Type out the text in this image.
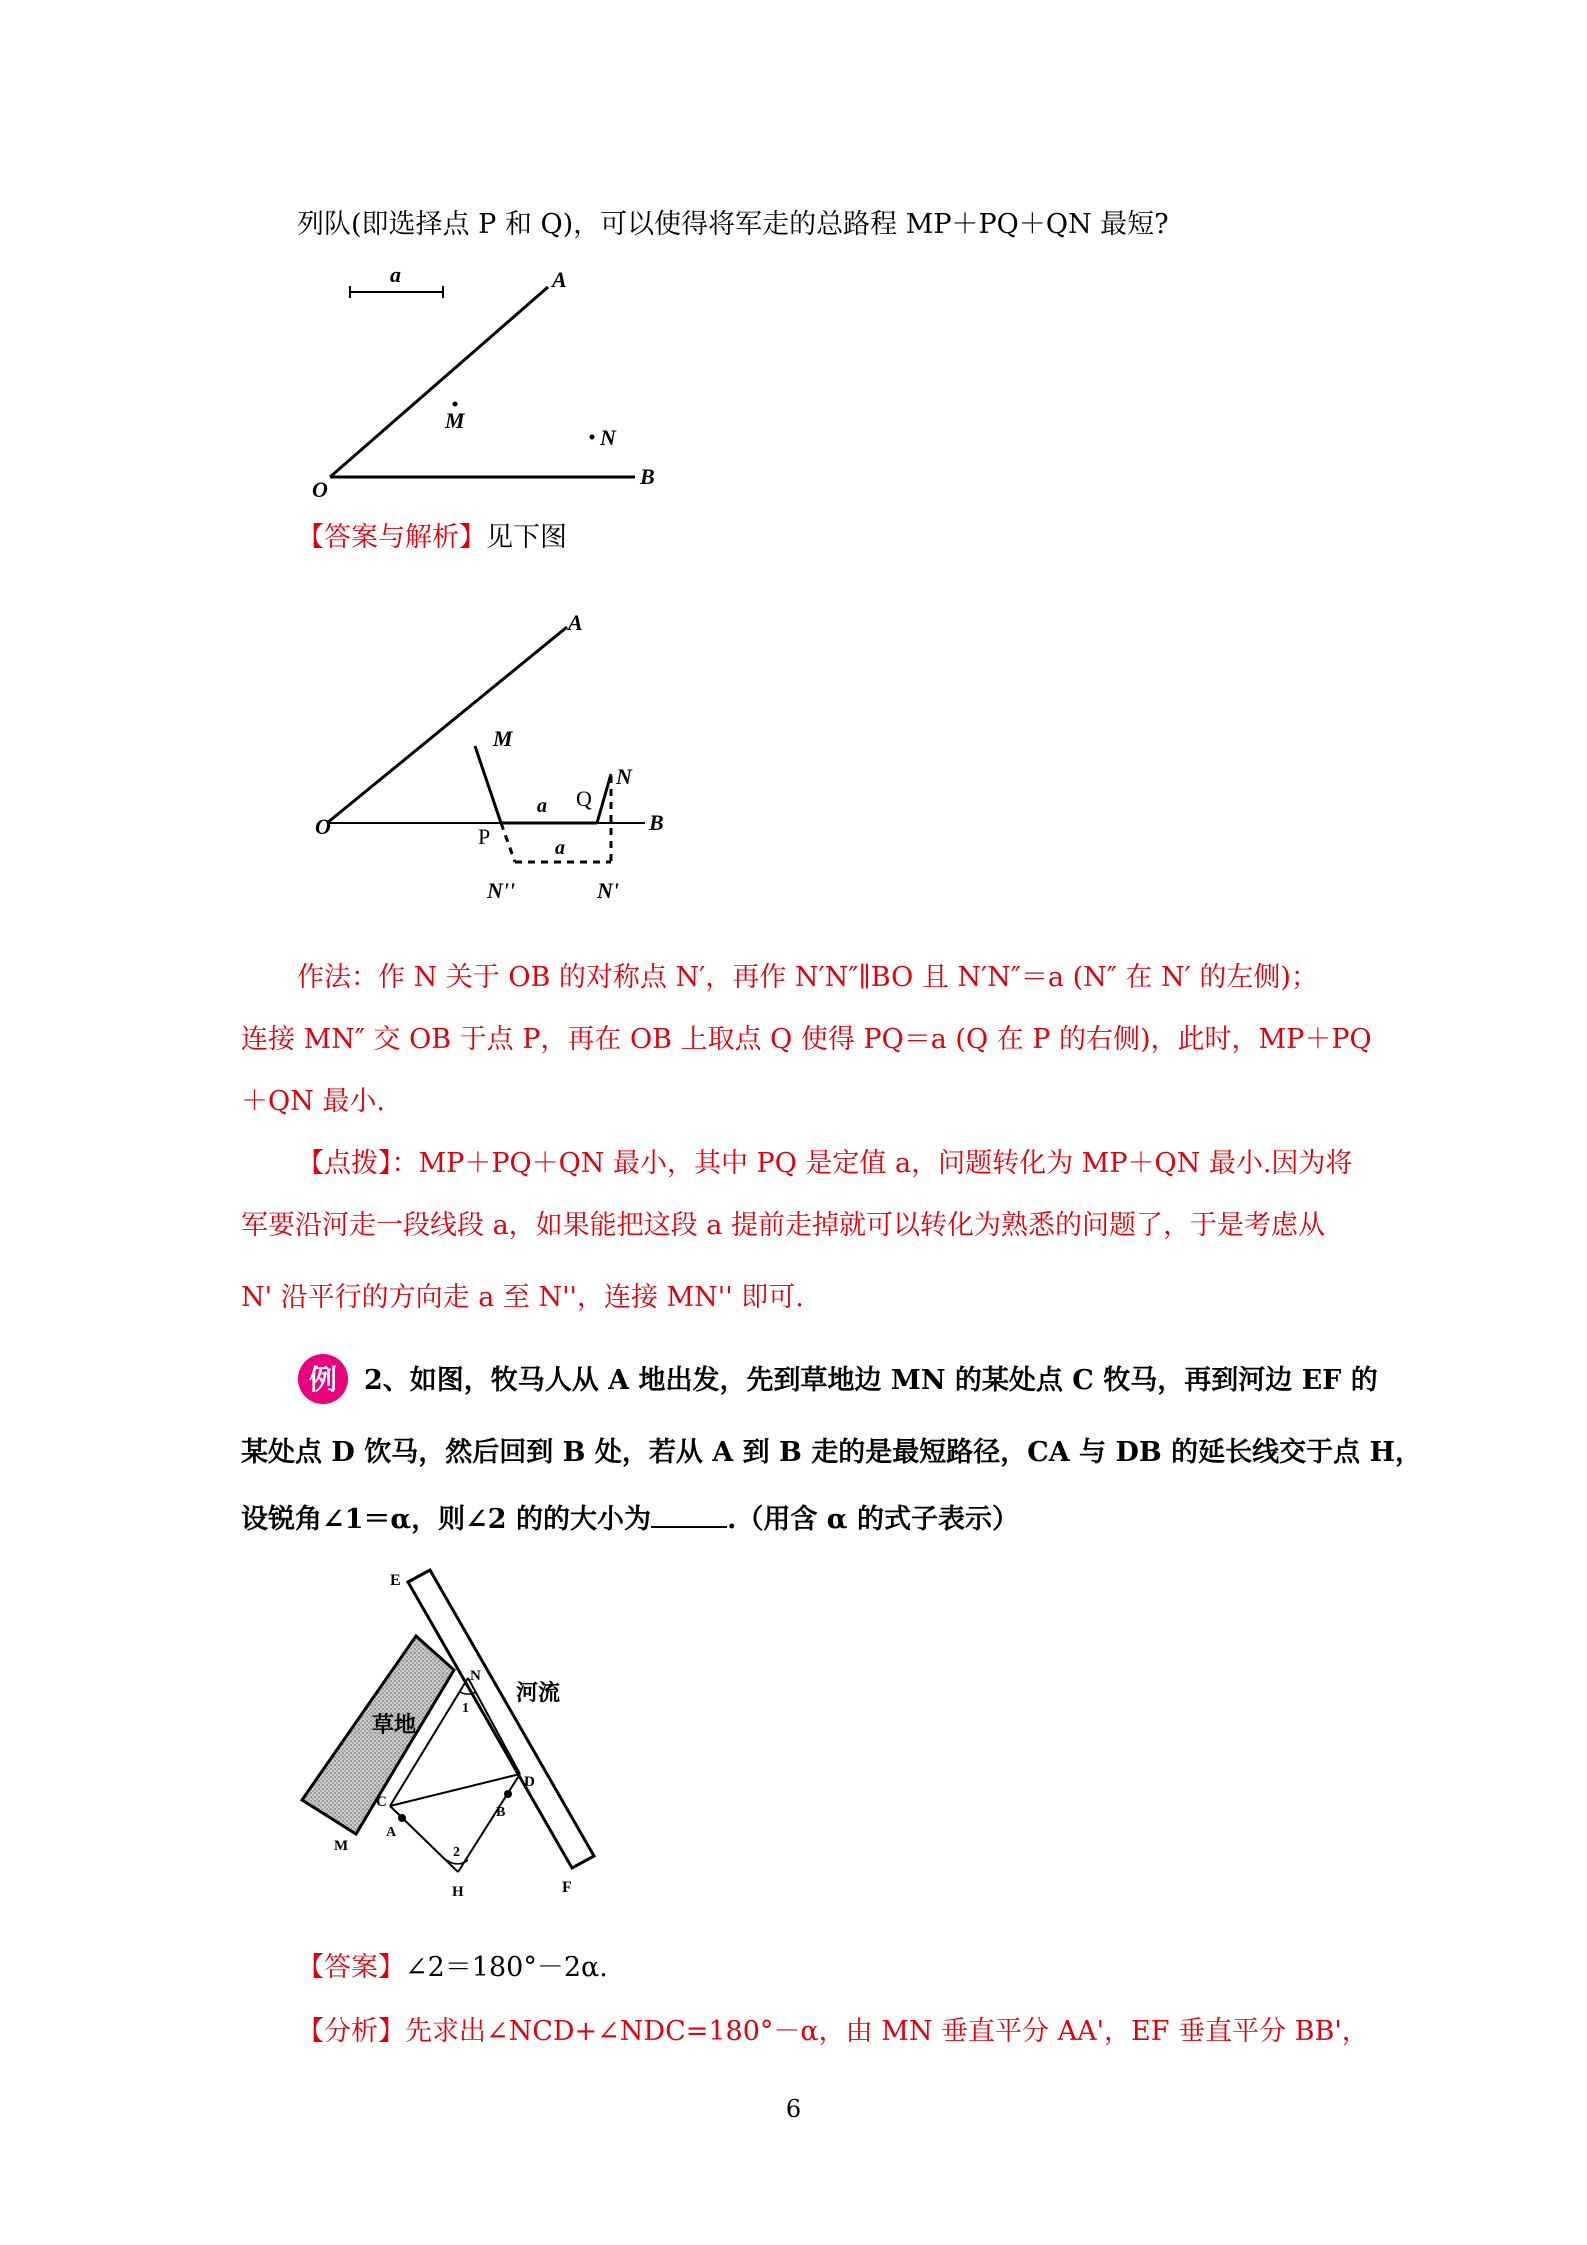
列队(即选择点 P 和 Q)，可以使得将军走的总路程 MP＋PQ＋QN 最短?
a	A
M
N
O
B
【答案与解析】见下图
A
B
O
M
N
Q
a
P	a
N''	N'
作法：作 N 关于 OB 的对称点 N′，再作 N′N″∥BO 且 N′N″＝a (N″ 在 N′ 的左侧)；
连接 MN″ 交 OB 于点 P，再在 OB 上取点 Q 使得 PQ＝a (Q 在 P 的右侧)，此时，MP＋PQ
＋QN 最小.
【点拨】：MP＋PQ＋QN 最小，其中 PQ 是定值 a，问题转化为 MP＋QN 最小.因为将
军要沿河走一段线段 a，如果能把这段 a 提前走掉就可以转化为熟悉的问题了，于是考虑从
N' 沿平行的方向走 a 至 N''，连接 MN'' 即可.
例 2、如图，牧马人从 A 地出发，先到草地边 MN 的某处点 C 牧马，再到河边 EF 的
某处点 D 饮马，然后回到 B 处，若从 A 到 B 走的是最短路径，CA 与 DB 的延长线交于点 H，
设锐角∠1＝α，则∠2 的的大小为	.（用含 α 的式子表示）
E
F
草地
河流
N
1
C
D
A
B
2
M
H
【答案】∠2＝180°－2α.
【分析】先求出∠NCD+∠NDC=180°－α，由 MN 垂直平分 AA'，EF 垂直平分 BB'，
6
